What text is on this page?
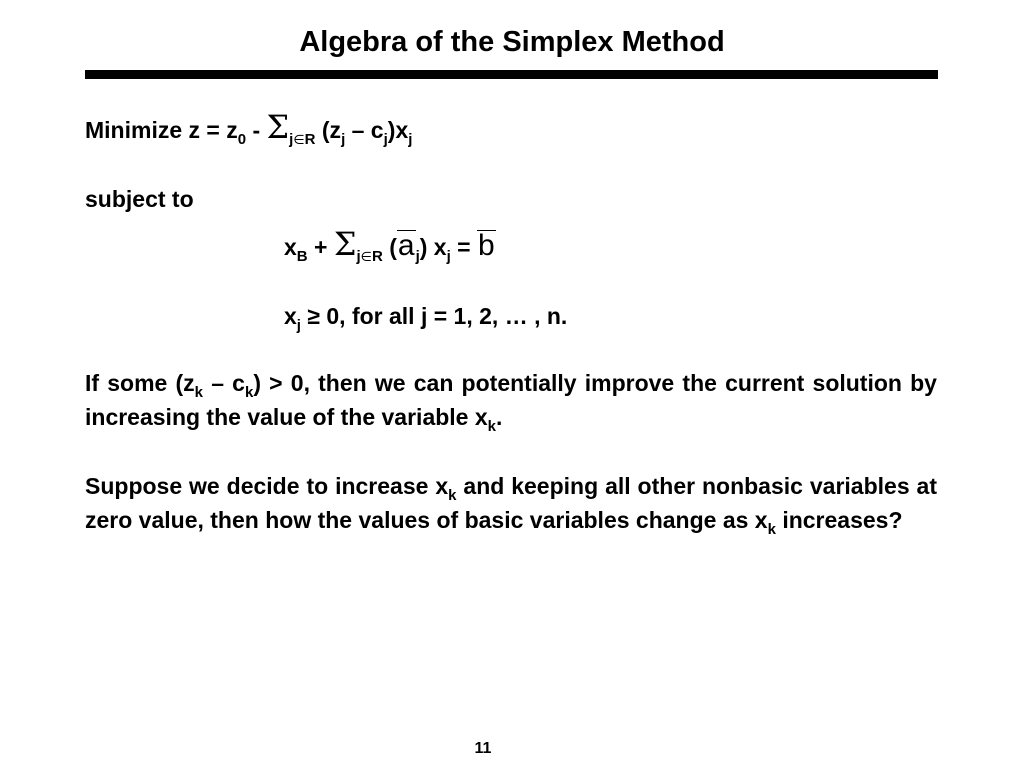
Algebra of the Simplex Method
Minimize $z = z_0 - \Sigma_{j\in R}$ $(z_j - c_j)x_j$
subject to
$x_B + \Sigma_{j\in R}$ $(a_j) x_j = b$
$x_j \ge 0$, for all j = 1, 2, … , n.
If some $(z_k - c_k) > 0$, then we can potentially improve the current solution by increasing the value of the variable $x_k$.
Suppose we decide to increase $x_k$ and keeping all other nonbasic variables at zero value, then how the values of basic variables change as $x_k$ increases?
11
